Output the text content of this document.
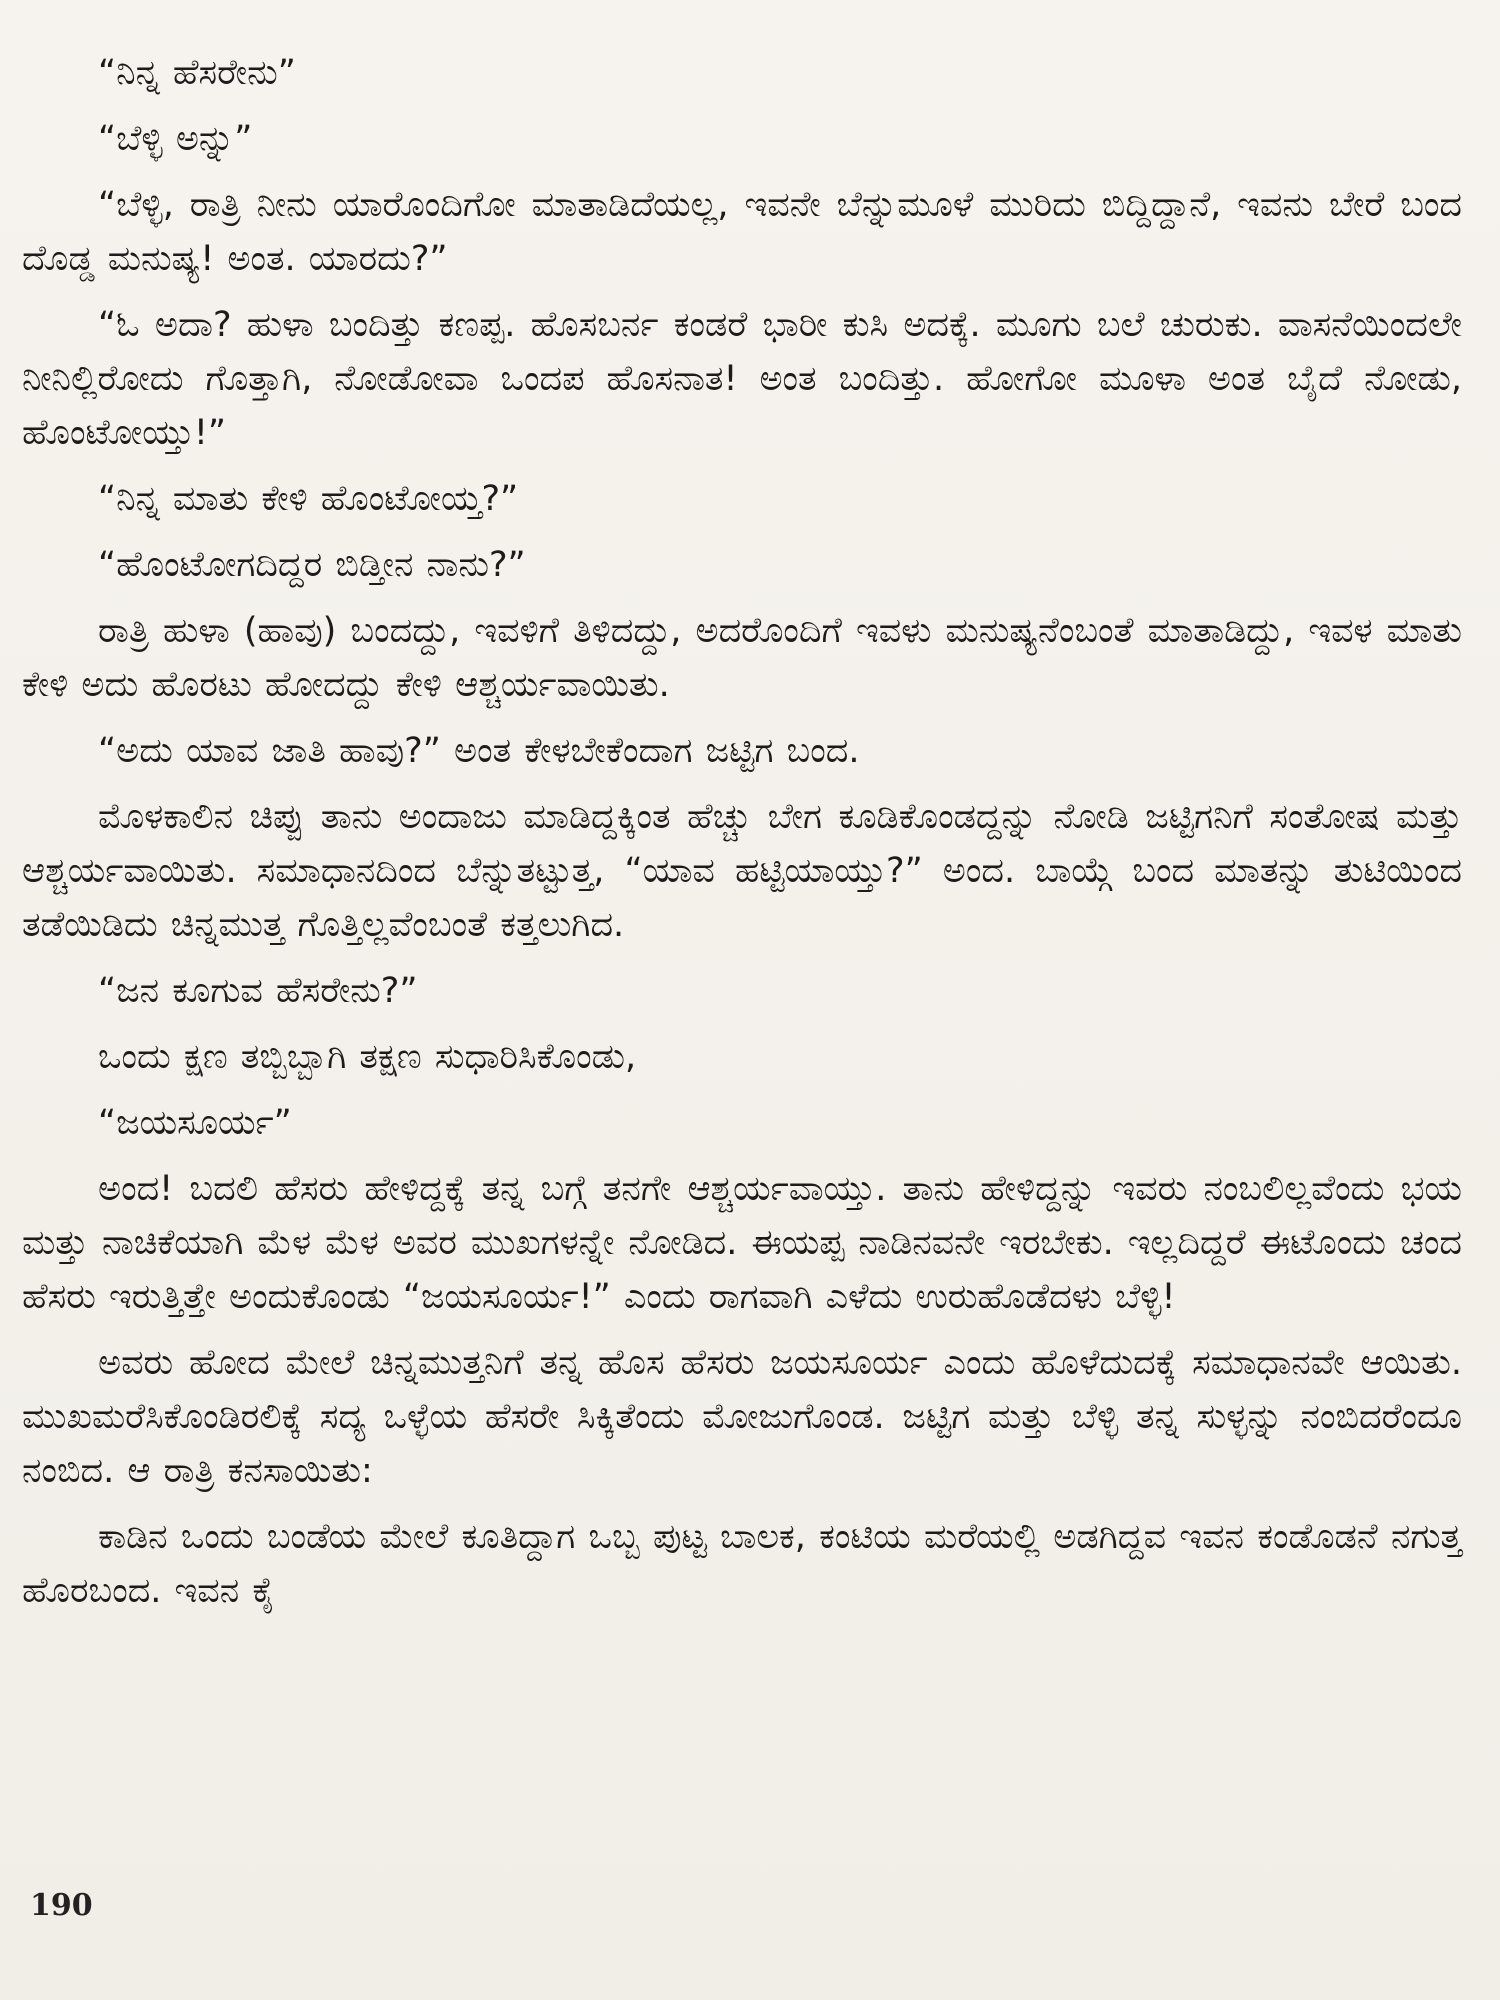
“ನಿನ್ನ ಹೆಸರೇನು”

“ಬೆಳ್ಳಿ ಅನ್ನು”

“ಬೆಳ್ಳಿ, ರಾತ್ರಿ ನೀನು ಯಾರೊಂದಿಗೋ ಮಾತಾಡಿದೆಯಲ್ಲ, ಇವನೇ ಬೆನ್ನುಮೂಳೆ ಮುರಿದು ಬಿದ್ದಿದ್ದಾನೆ, ಇವನು ಬೇರೆ ಬಂದ ದೊಡ್ಡ ಮನುಷ್ಯ! ಅಂತ. ಯಾರದು?”

“ಓ ಅದಾ? ಹುಳಾ ಬಂದಿತ್ತು ಕಣಪ್ಪ. ಹೊಸಬರ್ನ ಕಂಡರೆ ಭಾರೀ ಕುಸಿ ಅದಕ್ಕೆ. ಮೂಗು ಬಲೆ ಚುರುಕು. ವಾಸನೆಯಿಂದಲೇ ನೀನಿಲ್ಲಿರೋದು ಗೊತ್ತಾಗಿ, ನೋಡೋವಾ ಒಂದಪ ಹೊಸನಾತ! ಅಂತ ಬಂದಿತ್ತು. ಹೋಗೋ ಮೂಳಾ ಅಂತ ಬೈದೆ ನೋಡು, ಹೊಂಟೋಯ್ತು!”

“ನಿನ್ನ ಮಾತು ಕೇಳಿ ಹೊಂಟೋಯ್ತ?”

“ಹೊಂಟೋಗದಿದ್ದರ ಬಿಡ್ತೀನ ನಾನು?”

ರಾತ್ರಿ ಹುಳಾ (ಹಾವು) ಬಂದದ್ದು, ಇವಳಿಗೆ ತಿಳಿದದ್ದು, ಅದರೊಂದಿಗೆ ಇವಳು ಮನುಷ್ಯನೆಂಬಂತೆ ಮಾತಾಡಿದ್ದು, ಇವಳ ಮಾತು ಕೇಳಿ ಅದು ಹೊರಟು ಹೋದದ್ದು ಕೇಳಿ ಆಶ್ಚರ್ಯವಾಯಿತು.

“ಅದು ಯಾವ ಜಾತಿ ಹಾವು?” ಅಂತ ಕೇಳಬೇಕೆಂದಾಗ ಜಟ್ಟಿಗ ಬಂದ.

ಮೊಳಕಾಲಿನ ಚಿಪ್ಪು ತಾನು ಅಂದಾಜು ಮಾಡಿದ್ದಕ್ಕಿಂತ ಹೆಚ್ಚು ಬೇಗ ಕೂಡಿಕೊಂಡದ್ದನ್ನು ನೋಡಿ ಜಟ್ಟಿಗನಿಗೆ ಸಂತೋಷ ಮತ್ತು ಆಶ್ಚರ್ಯವಾಯಿತು. ಸಮಾಧಾನದಿಂದ ಬೆನ್ನುತಟ್ಟುತ್ತ, “ಯಾವ ಹಟ್ಟಿಯಾಯ್ತು?” ಅಂದ. ಬಾಯ್ಗೆ ಬಂದ ಮಾತನ್ನು ತುಟಿಯಿಂದ ತಡೆಯಿಡಿದು ಚಿನ್ನಮುತ್ತ ಗೊತ್ತಿಲ್ಲವೆಂಬಂತೆ ಕತ್ತಲುಗಿದ.

“ಜನ ಕೂಗುವ ಹೆಸರೇನು?”

ಒಂದು ಕ್ಷಣ ತಬ್ಬಿಬ್ಬಾಗಿ ತಕ್ಷಣ ಸುಧಾರಿಸಿಕೊಂಡು,

“ಜಯಸೂರ್ಯ”

ಅಂದ! ಬದಲಿ ಹೆಸರು ಹೇಳಿದ್ದಕ್ಕೆ ತನ್ನ ಬಗ್ಗೆ ತನಗೇ ಆಶ್ಚರ್ಯವಾಯ್ತು. ತಾನು ಹೇಳಿದ್ದನ್ನು ಇವರು ನಂಬಲಿಲ್ಲವೆಂದು ಭಯ ಮತ್ತು ನಾಚಿಕೆಯಾಗಿ ಮೆಳ ಮೆಳ ಅವರ ಮುಖಗಳನ್ನೇ ನೋಡಿದ. ಈಯಪ್ಪ ನಾಡಿನವನೇ ಇರಬೇಕು. ಇಲ್ಲದಿದ್ದರೆ ಈಟೊಂದು ಚಂದ ಹೆಸರು ಇರುತ್ತಿತ್ತೇ ಅಂದುಕೊಂಡು “ಜಯಸೂರ್ಯ!” ಎಂದು ರಾಗವಾಗಿ ಎಳೆದು ಉರುಹೊಡೆದಳು ಬೆಳ್ಳಿ!

ಅವರು ಹೋದ ಮೇಲೆ ಚಿನ್ನಮುತ್ತನಿಗೆ ತನ್ನ ಹೊಸ ಹೆಸರು ಜಯಸೂರ್ಯ ಎಂದು ಹೊಳೆದುದಕ್ಕೆ ಸಮಾಧಾನವೇ ಆಯಿತು. ಮುಖಮರೆಸಿಕೊಂಡಿರಲಿಕ್ಕೆ ಸದ್ಯ ಒಳ್ಳೆಯ ಹೆಸರೇ ಸಿಕ್ಕಿತೆಂದು ಮೋಜುಗೊಂಡ. ಜಟ್ಟಿಗ ಮತ್ತು ಬೆಳ್ಳಿ ತನ್ನ ಸುಳ್ಳನ್ನು ನಂಬಿದರೆಂದೂ ನಂಬಿದ. ಆ ರಾತ್ರಿ ಕನಸಾಯಿತು:

ಕಾಡಿನ ಒಂದು ಬಂಡೆಯ ಮೇಲೆ ಕೂತಿದ್ದಾಗ ಒಬ್ಬ ಪುಟ್ಟ ಬಾಲಕ, ಕಂಟಿಯ ಮರೆಯಲ್ಲಿ ಅಡಗಿದ್ದವ ಇವನ ಕಂಡೊಡನೆ ನಗುತ್ತ ಹೊರಬಂದ. ಇವನ ಕೈ

190
